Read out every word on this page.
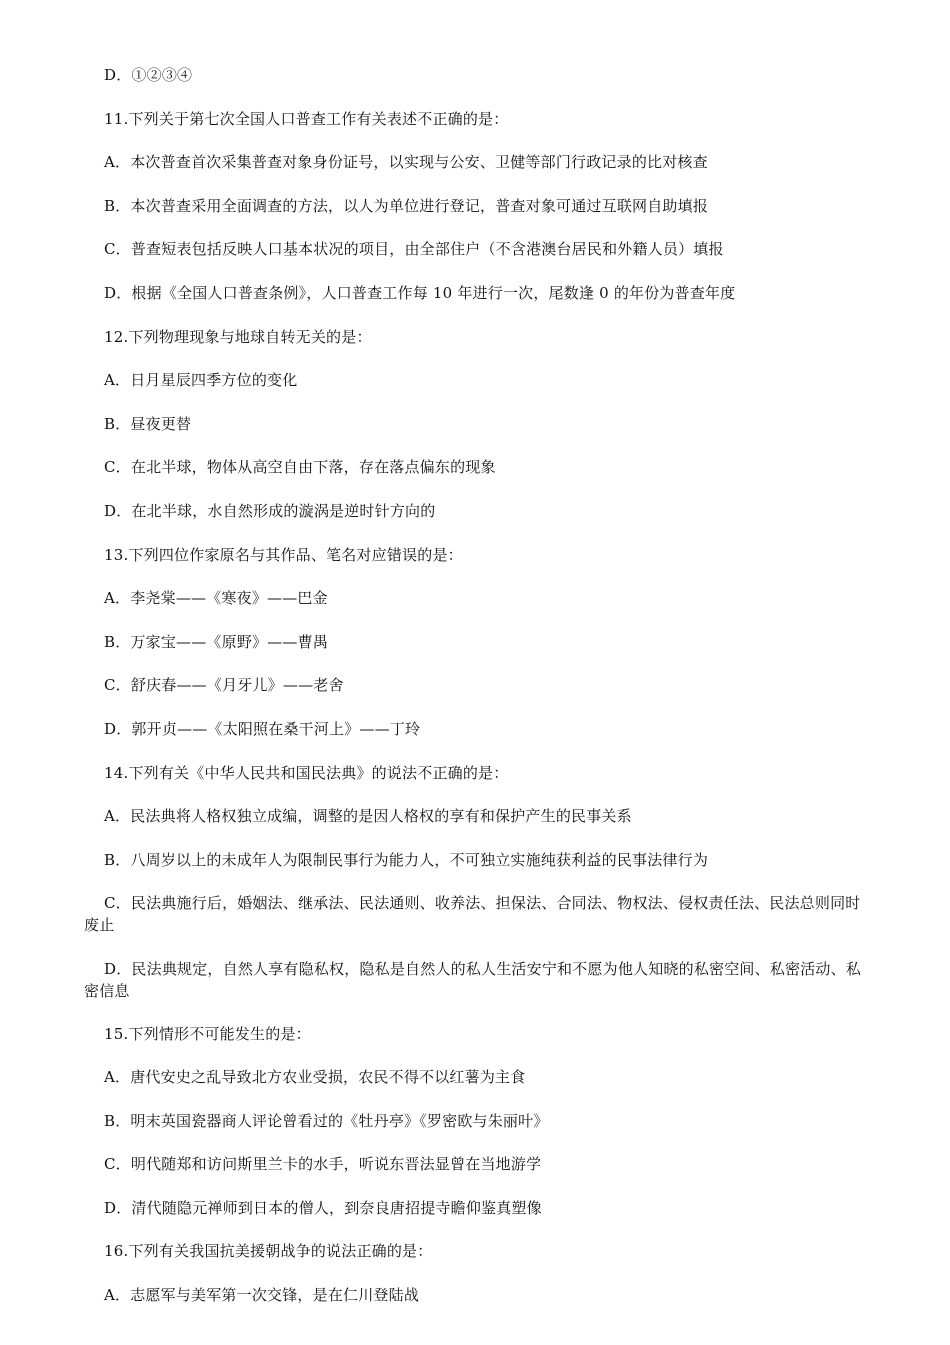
D．①②③④
11.下列关于第七次全国人口普查工作有关表述不正确的是：
A．本次普查首次采集普查对象身份证号，以实现与公安、卫健等部门行政记录的比对核查
B．本次普查采用全面调查的方法，以人为单位进行登记，普查对象可通过互联网自助填报
C．普查短表包括反映人口基本状况的项目，由全部住户（不含港澳台居民和外籍人员）填报
D．根据《全国人口普查条例》，人口普查工作每 10 年进行一次，尾数逢 0 的年份为普查年度
12.下列物理现象与地球自转无关的是：
A．日月星辰四季方位的变化
B．昼夜更替
C．在北半球，物体从高空自由下落，存在落点偏东的现象
D．在北半球，水自然形成的漩涡是逆时针方向的
13.下列四位作家原名与其作品、笔名对应错误的是：
A．李尧棠——《寒夜》——巴金
B．万家宝——《原野》——曹禺
C．舒庆春——《月牙儿》——老舍
D．郭开贞——《太阳照在桑干河上》——丁玲
14.下列有关《中华人民共和国民法典》的说法不正确的是：
A．民法典将人格权独立成编，调整的是因人格权的享有和保护产生的民事关系
B．八周岁以上的未成年人为限制民事行为能力人，不可独立实施纯获利益的民事法律行为
C．民法典施行后，婚姻法、继承法、民法通则、收养法、担保法、合同法、物权法、侵权责任法、民法总则同时废止
D．民法典规定，自然人享有隐私权，隐私是自然人的私人生活安宁和不愿为他人知晓的私密空间、私密活动、私密信息
15.下列情形不可能发生的是：
A．唐代安史之乱导致北方农业受损，农民不得不以红薯为主食
B．明末英国瓷器商人评论曾看过的《牡丹亭》《罗密欧与朱丽叶》
C．明代随郑和访问斯里兰卡的水手，听说东晋法显曾在当地游学
D．清代随隐元禅师到日本的僧人，到奈良唐招提寺瞻仰鉴真塑像
16.下列有关我国抗美援朝战争的说法正确的是：
A．志愿军与美军第一次交锋，是在仁川登陆战
